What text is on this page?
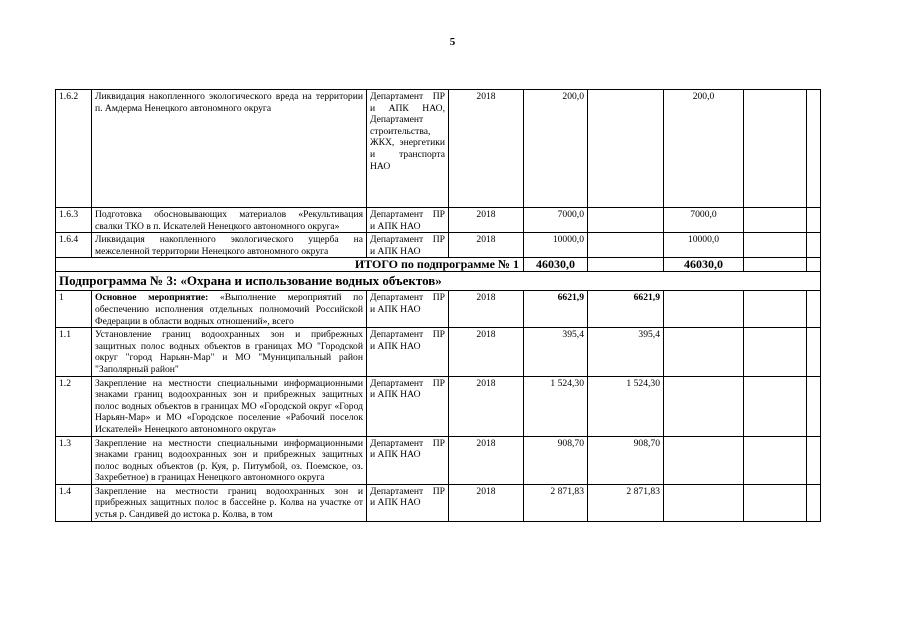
5
1.6.2	Ликвидация накопленного экологического вреда на территории п. Амдерма Ненецкого автономного округа	Департамент ПР и АПК НАО, Департамент строительства, ЖКХ, энергетики и транспорта НАО	2018	200,0		200,0		
1.6.3	Подготовка обосновывающих материалов «Рекультивация свалки ТКО в п. Искателей Ненецкого автономного округа»	Департамент ПР и АПК НАО	2018	7000,0		7000,0		
1.6.4	Ликвидация накопленного экологического ущерба на межселенной территории Ненецкого автономного округа	Департамент ПР и АПК НАО	2018	10000,0		10000,0		
ИТОГО по подпрограмме № 1				46030,0		46030,0		
Подпрограмма № 3: «Охрана и использование водных объектов»								
1	Основное мероприятие: «Выполнение мероприятий по обеспечению исполнения отдельных полномочий Российской Федерации в области водных отношений», всего	Департамент ПР и АПК НАО	2018	6621,9	6621,9			
1.1	Установление границ водоохранных зон и прибрежных защитных полос водных объектов в границах МО "Городской округ "город Нарьян-Мар" и МО "Муниципальный район "Заполярный район"	Департамент ПР и АПК НАО	2018	395,4	395,4			
1.2	Закрепление на местности специальными информационными знаками границ водоохранных зон и прибрежных защитных полос водных объектов в границах МО «Городской округ «Город Нарьян-Мар» и МО «Городское поселение «Рабочий поселок Искателей» Ненецкого автономного округа»	Департамент ПР и АПК НАО	2018	1 524,30	1 524,30			
1.3	Закрепление на местности специальными информационными знаками границ водоохранных зон и прибрежных защитных полос водных объектов (р. Куя, р. Питумбой, оз. Поемское, оз. Захребетное) в границах Ненецкого автономного округа	Департамент ПР и АПК НАО	2018	908,70	908,70			
1.4	Закрепление на местности границ водоохранных зон и прибрежных защитных полос в бассейне р. Колва на участке от устья р. Сандивей до истока р. Колва, в том	Департамент ПР и АПК НАО	2018	2 871,83	2 871,83			
